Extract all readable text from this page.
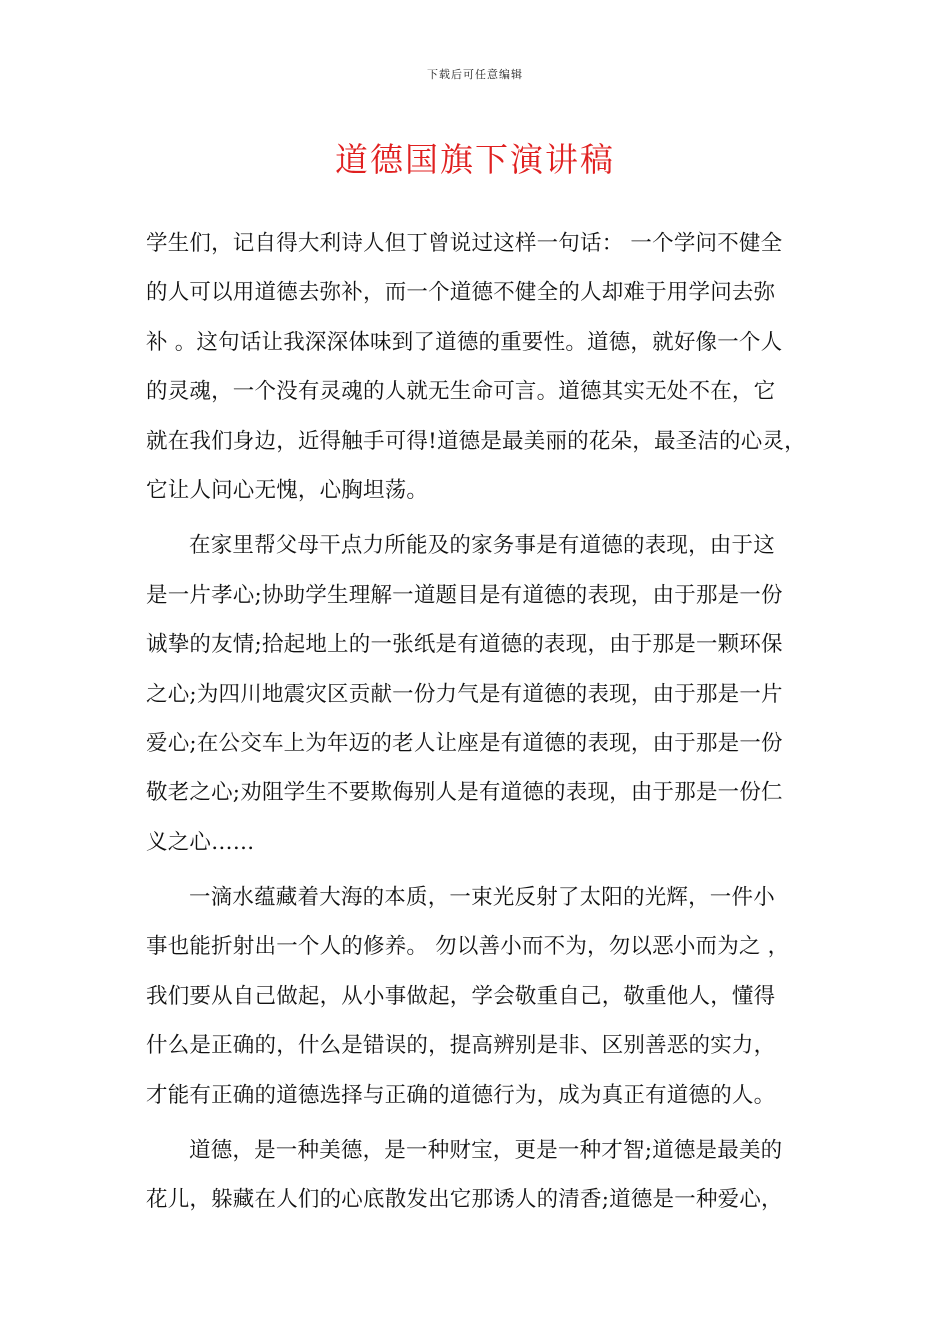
下载后可任意编辑
道德国旗下演讲稿
学生们，记自得大利诗人但丁曾说过这样一句话： 一个学问不健全
的人可以用道德去弥补，而一个道德不健全的人却难于用学问去弥
补 。这句话让我深深体味到了道德的重要性。道德，就好像一个人
的灵魂，一个没有灵魂的人就无生命可言。道德其实无处不在，它
就在我们身边，近得触手可得!道德是最美丽的花朵，最圣洁的心灵，
它让人问心无愧，心胸坦荡。
在家里帮父母干点力所能及的家务事是有道德的表现，由于这
是一片孝心;协助学生理解一道题目是有道德的表现，由于那是一份
诚挚的友情;拾起地上的一张纸是有道德的表现，由于那是一颗环保
之心;为四川地震灾区贡献一份力气是有道德的表现，由于那是一片
爱心;在公交车上为年迈的老人让座是有道德的表现，由于那是一份
敬老之心;劝阻学生不要欺侮别人是有道德的表现，由于那是一份仁
义之心……
一滴水蕴藏着大海的本质，一束光反射了太阳的光辉，一件小
事也能折射出一个人的修养。 勿以善小而不为，勿以恶小而为之 ，
我们要从自己做起，从小事做起，学会敬重自己，敬重他人，懂得
什么是正确的，什么是错误的，提高辨别是非、区别善恶的实力，
才能有正确的道德选择与正确的道德行为，成为真正有道德的人。
道德，是一种美德，是一种财宝，更是一种才智;道德是最美的
花儿，躲藏在人们的心底散发出它那诱人的清香;道德是一种爱心，
